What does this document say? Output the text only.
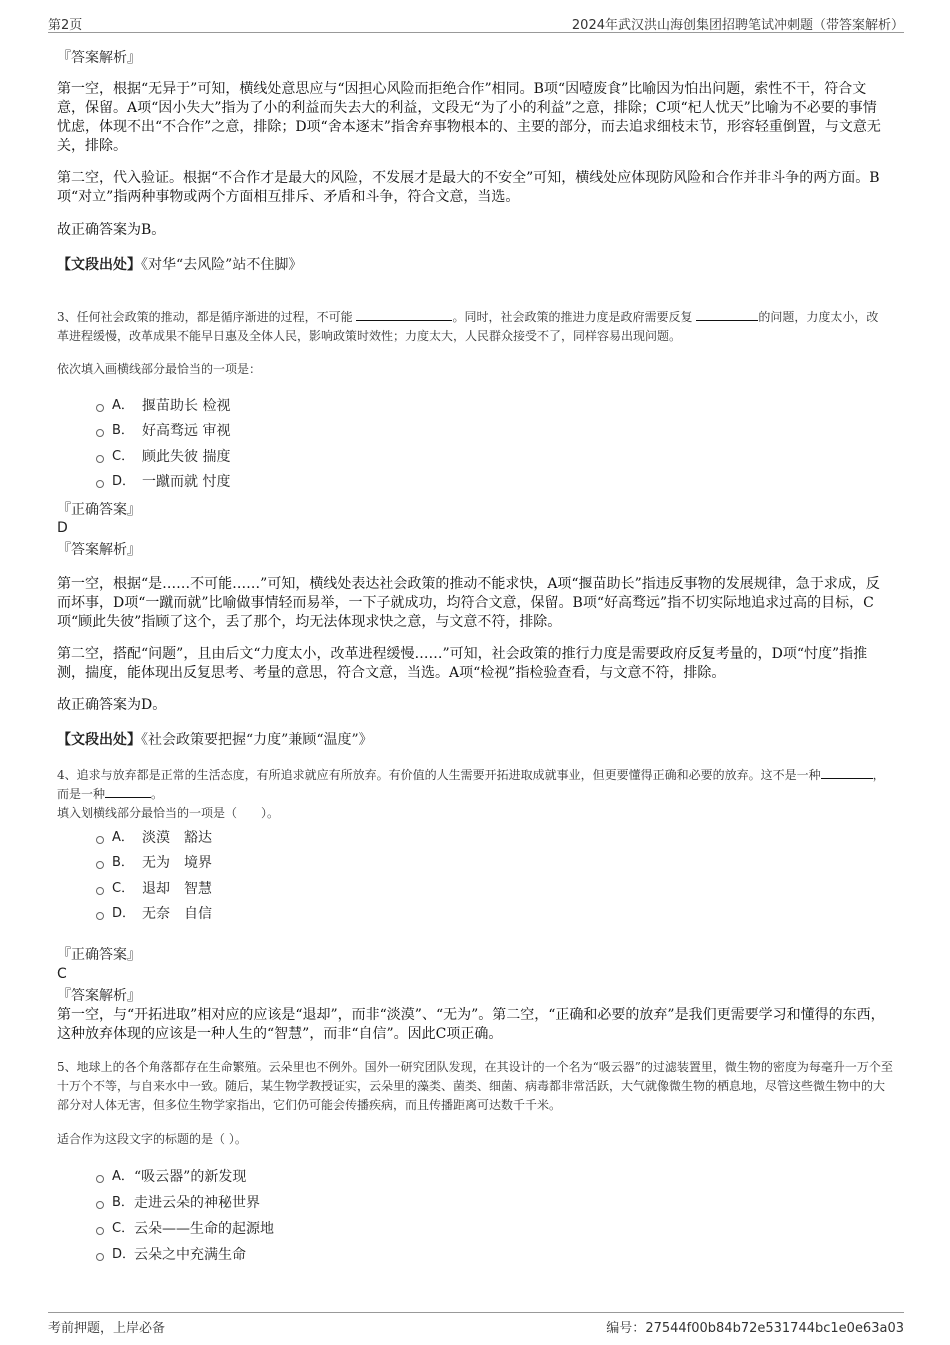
第2页	2024年武汉洪山海创集团招聘笔试冲刺题（带答案解析）
『答案解析』
第一空，根据“无异于”可知，横线处意思应与“因担心风险而拒绝合作”相同。B项“因噎废食”比喻因为怕出问题，索性不干，符合文意，保留。A项“因小失大”指为了小的利益而失去大的利益，文段无“为了小的利益”之意，排除；C项“杞人忧天”比喻为不必要的事情忧虑，体现不出“不合作”之意，排除；D项“舍本逐末”指舍弃事物根本的、主要的部分，而去追求细枝末节，形容轻重倒置，与文意无关，排除。
第二空，代入验证。根据“不合作才是最大的风险，不发展才是最大的不安全”可知，横线处应体现防风险和合作并非斗争的两方面。B项“对立”指两种事物或两个方面相互排斥、矛盾和斗争，符合文意，当选。
故正确答案为B。
【文段出处】《对华“去风险”站不住脚》
3、任何社会政策的推动，都是循序渐进的过程，不可能	。同时，社会政策的推进力度是政府需要反复	的问题，力度太小，改革进程缓慢，改革成果不能早日惠及全体人民，影响政策时效性；力度太大，人民群众接受不了，同样容易出现问题。
依次填入画横线部分最恰当的一项是：
A． 揠苗助长 检视
B． 好高骛远 审视
C． 顾此失彼 揣度
D． 一蹴而就 忖度
『正确答案』
D
『答案解析』
第一空，根据“是……不可能……”可知，横线处表达社会政策的推动不能求快，A项“揠苗助长”指违反事物的发展规律，急于求成，反而坏事，D项“一蹴而就”比喻做事情轻而易举，一下子就成功，均符合文意，保留。B项“好高骛远”指不切实际地追求过高的目标，C项“顾此失彼”指顾了这个，丢了那个，均无法体现求快之意，与文意不符，排除。
第二空，搭配“问题”，且由后文“力度太小，改革进程缓慢……”可知，社会政策的推行力度是需要政府反复考量的，D项“忖度”指推测，揣度，能体现出反复思考、考量的意思，符合文意，当选。A项“检视”指检验查看，与文意不符，排除。
故正确答案为D。
【文段出处】《社会政策要把握“力度”兼顾“温度”》
4、追求与放弃都是正常的生活态度，有所追求就应有所放弃。有价值的人生需要开拓进取成就事业，但更要懂得正确和必要的放弃。这不是一种	，而是一种	。
填入划横线部分最恰当的一项是（　　）。
A． 淡漠　豁达
B． 无为　境界
C． 退却　智慧
D． 无奈　自信
『正确答案』
C
『答案解析』
第一空，与“开拓进取”相对应的应该是“退却”，而非“淡漠”、“无为”。第二空，“正确和必要的放弃”是我们更需要学习和懂得的东西，这种放弃体现的应该是一种人生的“智慧”，而非“自信”。因此C项正确。
5、地球上的各个角落都存在生命繁殖。云朵里也不例外。国外一研究团队发现，在其设计的一个名为“吸云器”的过滤装置里，微生物的密度为每毫升一万个至十万个不等，与自来水中一致。随后，某生物学教授证实，云朵里的藻类、菌类、细菌、病毒都非常活跃，大气就像微生物的栖息地，尽管这些微生物中的大部分对人体无害，但多位生物学家指出，它们仍可能会传播疾病，而且传播距离可达数千千米。
适合作为这段文字的标题的是（ ）。
A． “吸云器”的新发现
B． 走进云朵的神秘世界
C． 云朵——生命的起源地
D．
云朵之中充满生命
考前押题，上岸必备	编号：27544f00b84b72e531744bc1e0e63a03
